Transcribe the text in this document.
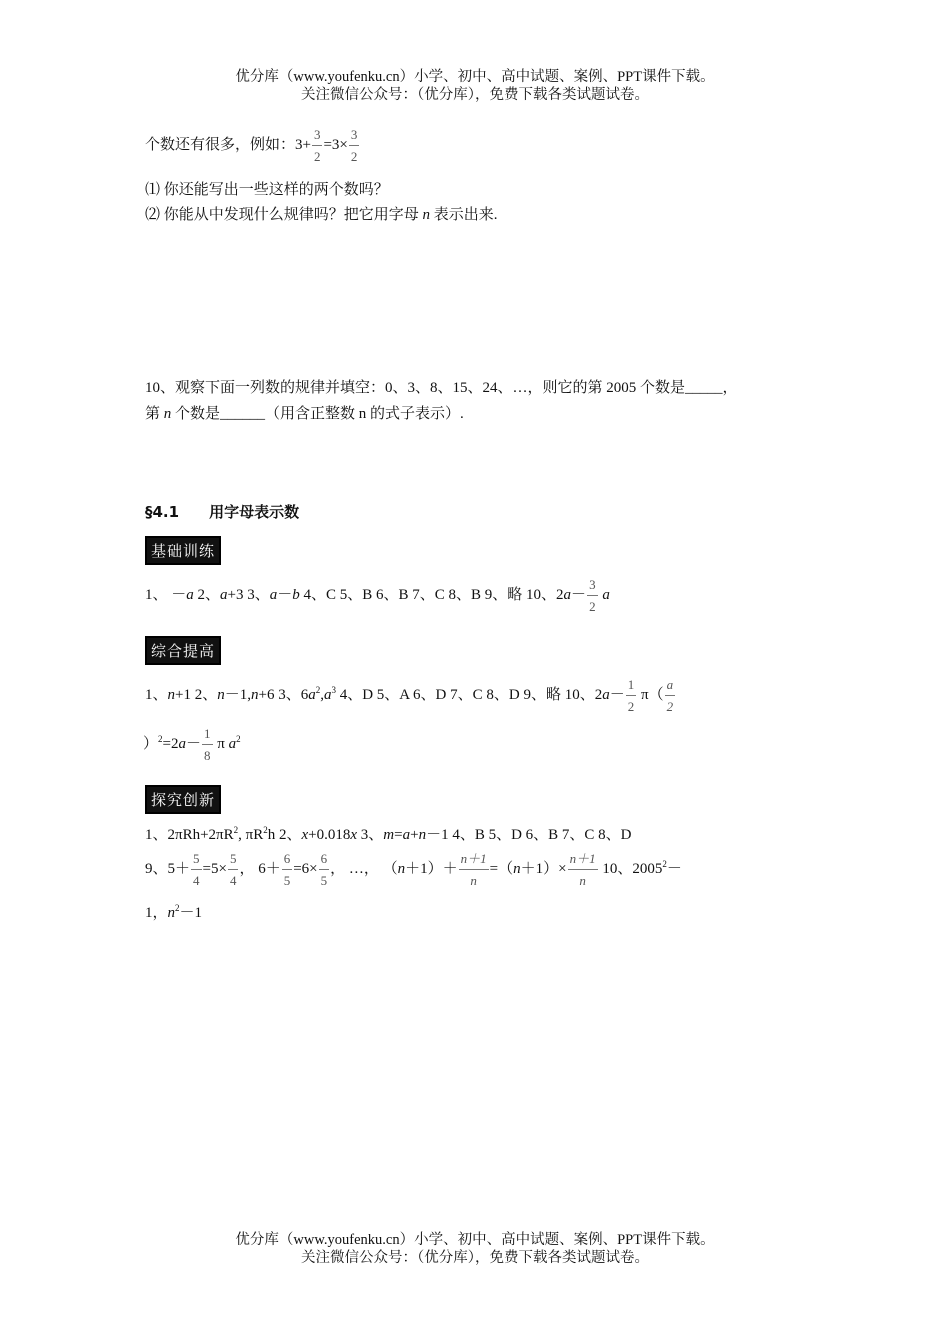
优分库（www.youfenku.cn）小学、初中、高中试题、案例、PPT课件下载。
关注微信公众号：（优分库），免费下载各类试题试卷。
个数还有很多，例如：$3+ \frac{3}{2} =3\times \frac{3}{2}$
⑴ 你还能写出一些这样的两个数吗？
⑵ 你能从中发现什么规律吗？把它用字母 n 表示出来.
10、观察下面一列数的规律并填空：0、3、8、15、24、…，则它的第 2005 个数是_____，
第 n 个数是______（用含正整数 n 的式子表示）.
§4.1　　用字母表示数
基础训练
1、 －a 2、a+3 3、a－b 4、C 5、B 6、B 7、C 8、B 9、略 10、$2a- \frac{3}{2}$ a
综合提高
1、n+1 2、n－1,n+6 3、$6a^2,a^3$ 4、D 5、A 6、D 7、C 8、D 9、略 10、$2a- \frac{1}{2} \pi( \frac{a}{2}$
）$^2=2a- \frac{1}{8}$ π $a^2$
探究创新
1、$2\pi Rh+2\pi R^2$, $\pi R^2h$ 2、x+0.018x 3、m=a+n－1 4、B 5、D 6、B 7、C 8、D
9、$5+ \frac{5}{4} =5\times \frac{5}{4}$ ， $6+ \frac{6}{5} =6\times \frac{6}{5}$ ， …， $(n+1)+ \frac{n+1}{n} =(n+1)\times \frac{n+1}{n} 10$、$2005^2-$
1，$n^2-1$
优分库（www.youfenku.cn）小学、初中、高中试题、案例、PPT课件下载。
关注微信公众号：（优分库），免费下载各类试题试卷。
